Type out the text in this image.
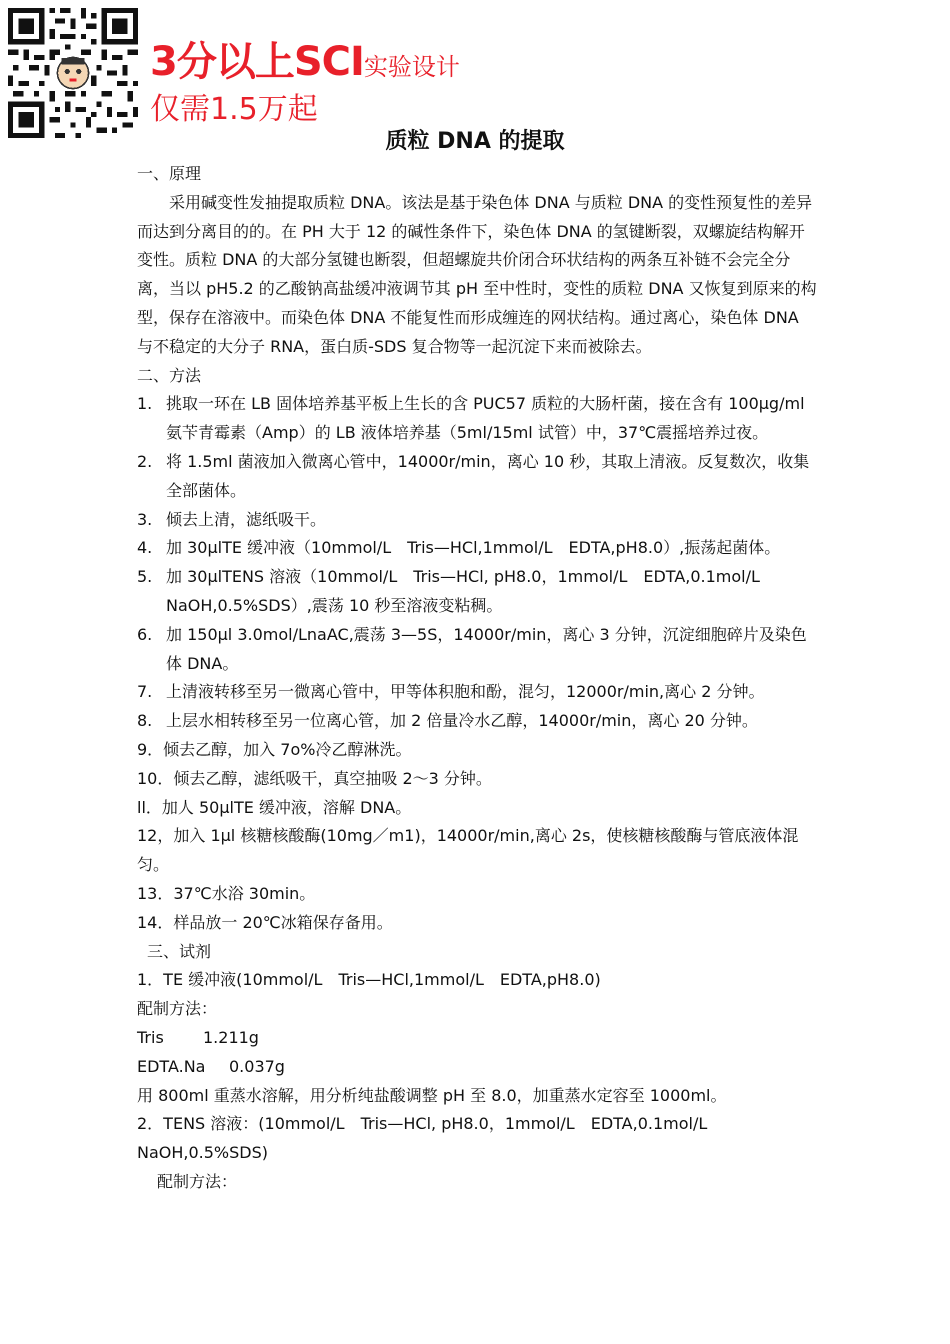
3分以上SCI实验设计
仅需1.5万起
质粒 DNA 的提取

一、原理

采用碱变性发抽提取质粒 DNA。该法是基于染色体 DNA 与质粒 DNA 的变性预复性的差异而达到分离目的的。在 PH 大于 12 的碱性条件下，染色体 DNA 的氢键断裂，双螺旋结构解开变性。质粒 DNA 的大部分氢键也断裂，但超螺旋共价闭合环状结构的两条互补链不会完全分离，当以 pH5.2 的乙酸钠高盐缓冲液调节其 pH 至中性时，变性的质粒 DNA 又恢复到原来的构型，保存在溶液中。而染色体 DNA 不能复性而形成缠连的网状结构。通过离心，染色体 DNA 与不稳定的大分子 RNA，蛋白质-SDS 复合物等一起沉淀下来而被除去。

二、方法

1. 挑取一环在 LB 固体培养基平板上生长的含 PUC57 质粒的大肠杆菌，接在含有 100μg/ml 氨苄青霉素（Amp）的 LB 液体培养基（5ml/15ml 试管）中，37℃震摇培养过夜。
2. 将 1.5ml 菌液加入微离心管中，14000r/min，离心 10 秒，其取上清液。反复数次，收集全部菌体。
3. 倾去上清，滤纸吸干。
4. 加 30μlTE 缓冲液（10mmol/L　Tris—HCl,1mmol/L　EDTA,pH8.0）,振荡起菌体。
5. 加 30μlTENS 溶液（10mmol/L　Tris—HCl, pH8.0，1mmol/L　EDTA,0.1mol/L NaOH,0.5%SDS）,震荡 10 秒至溶液变粘稠。
6. 加 150μl 3.0mol/LnaAC,震荡 3—5S，14000r/min，离心 3 分钟，沉淀细胞碎片及染色体 DNA。
7. 上清液转移至另一微离心管中，甲等体积胞和酚，混匀，12000r/min,离心 2 分钟。
8. 上层水相转移至另一位离心管，加 2 倍量冷水乙醇，14000r/min，离心 20 分钟。

9．倾去乙醇，加入 7o%冷乙醇淋洗。

10．倾去乙醇，滤纸吸干，真空抽吸 2～3 分钟。

ll．加人 50μlTE 缓冲液，溶解 DNA。

12，加入 1μl 核糖核酸酶(10mg／m1)，14000r/min,离心 2s，使核糖核酸酶与管底液体混匀。

13．37℃水浴 30min。

14．样品放一 20℃冰箱保存备用。

三、试剂

1．TE 缓冲液(10mmol/L　Tris—HCl,1mmol/L　EDTA,pH8.0)

配制方法：

Tris	1.211g
EDTA.Na	0.037g

用 800ml 重蒸水溶解，用分析纯盐酸调整 pH 至 8.0，加重蒸水定容至 1000ml。

2．TENS 溶液：(10mmol/L　Tris—HCl, pH8.0，1mmol/L　EDTA,0.1mol/L NaOH,0.5%SDS)

配制方法：
